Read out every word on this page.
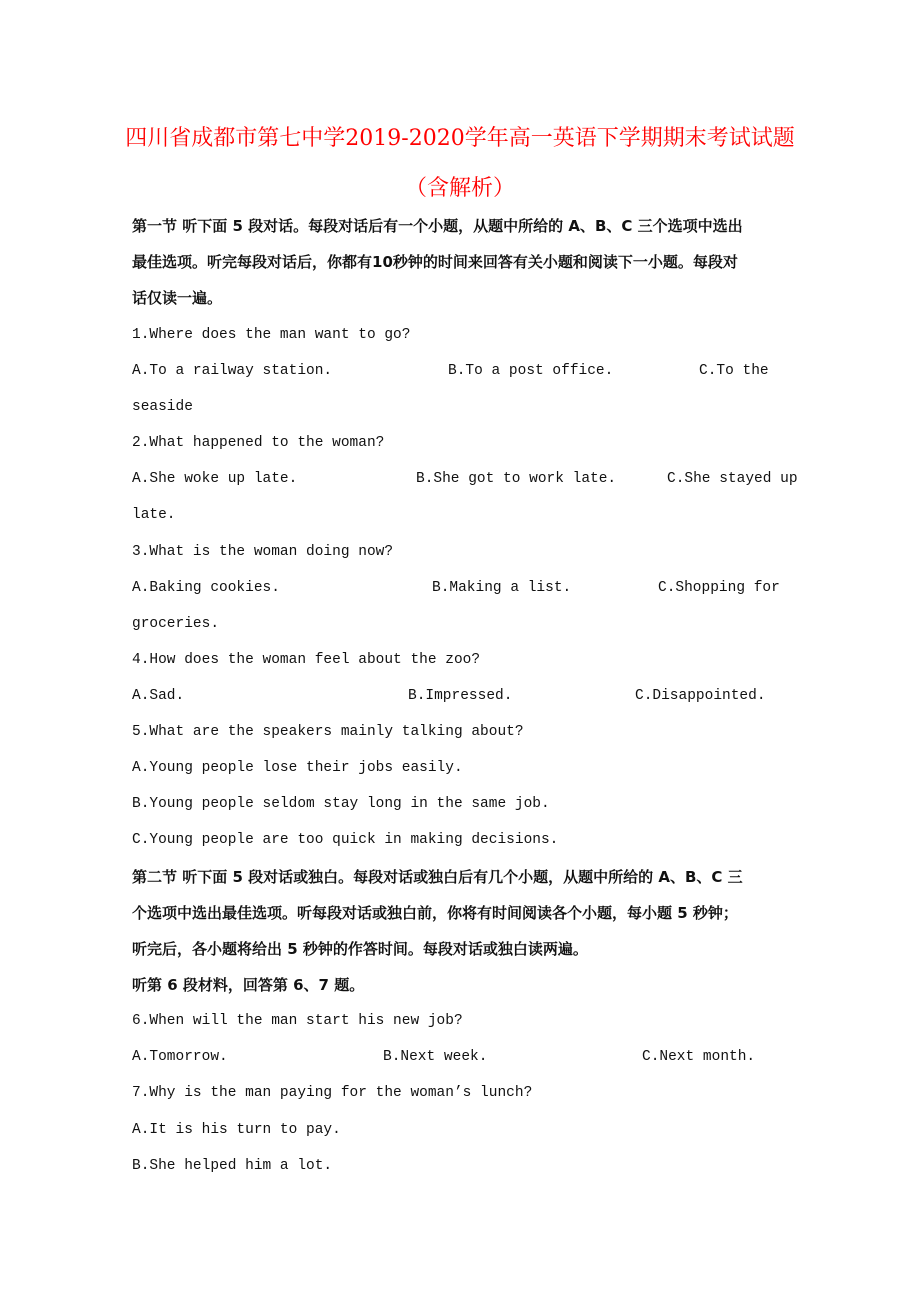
四川省成都市第七中学2019-2020学年高一英语下学期期末考试试题
（含解析）
第一节 听下面 5 段对话。每段对话后有一个小题，从题中所给的 A、B、C 三个选项中选出
最佳选项。听完每段对话后，你都有10秒钟的时间来回答有关小题和阅读下一小题。每段对
话仅读一遍。
1.Where does the man want to go?
A.To a railway station.	B.To a post office.	C.To the
seaside
2.What happened to the woman?
A.She woke up late.	B.She got to work late.	C.She stayed up
late.
3.What is the woman doing now?
A.Baking cookies.	B.Making a list.	C.Shopping for
groceries.
4.How does the woman feel about the zoo?
A.Sad.	B.Impressed.	C.Disappointed.
5.What are the speakers mainly talking about?
A.Young people lose their jobs easily.
B.Young people seldom stay long in the same job.
C.Young people are too quick in making decisions.
第二节 听下面 5 段对话或独白。每段对话或独白后有几个小题，从题中所给的 A、B、C 三
个选项中选出最佳选项。听每段对话或独白前，你将有时间阅读各个小题，每小题 5 秒钟；
听完后，各小题将给出 5 秒钟的作答时间。每段对话或独白读两遍。
听第 6 段材料，回答第 6、7 题。
6.When will the man start his new job?
A.Tomorrow.	B.Next week.	C.Next month.
7.Why is the man paying for the woman’s lunch?
A.It is his turn to pay.
B.She helped him a lot.
